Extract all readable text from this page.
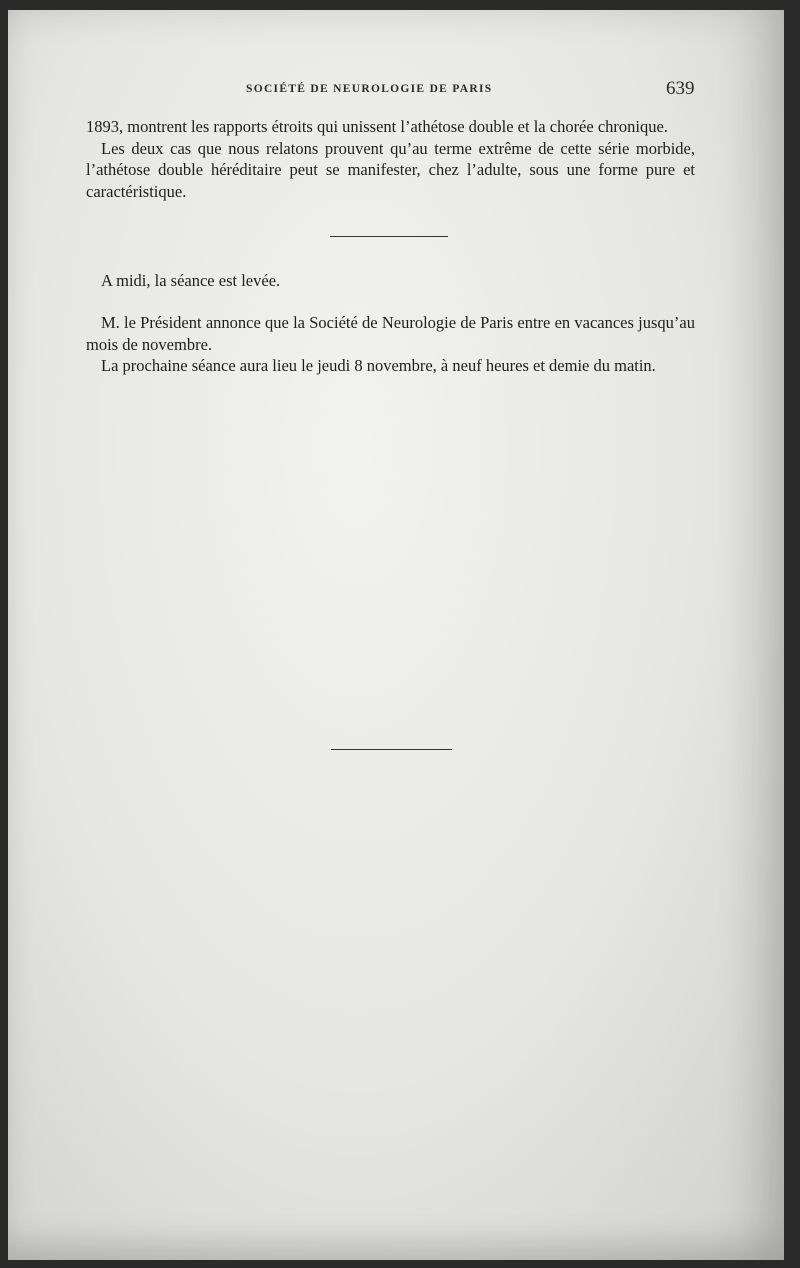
SOCIÉTÉ DE NEUROLOGIE DE PARIS	639

1893, montrent les rapports étroits qui unissent l’athétose double et la chorée chronique.

Les deux cas que nous relatons prouvent qu’au terme extrême de cette série morbide, l’athétose double héréditaire peut se manifester, chez l’adulte, sous une forme pure et caractéristique.

A midi, la séance est levée.

M. le Président annonce que la Société de Neurologie de Paris entre en vacances jusqu’au mois de novembre.

La prochaine séance aura lieu le jeudi 8 novembre, à neuf heures et demie du matin.
